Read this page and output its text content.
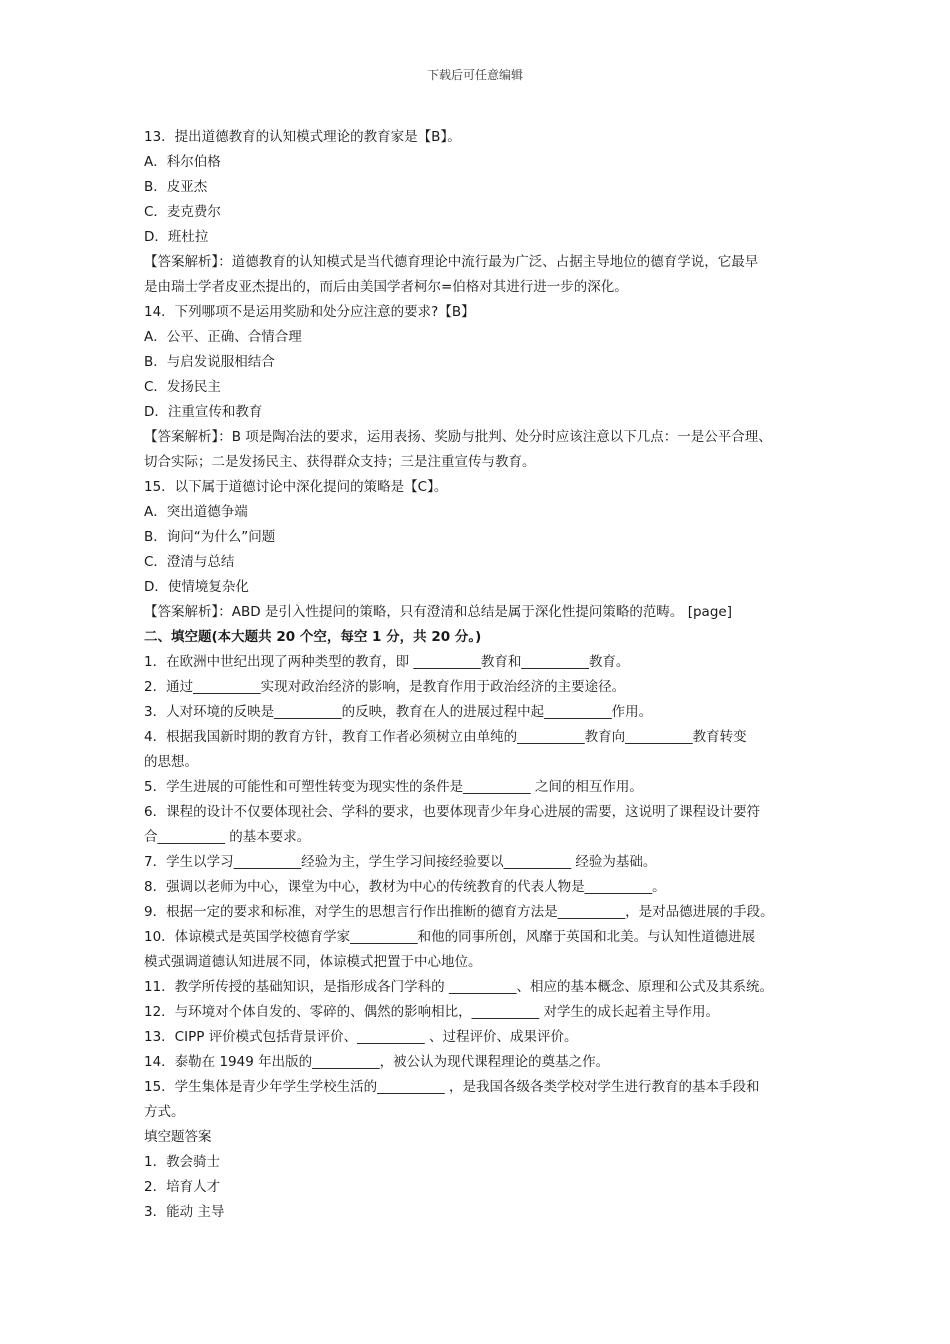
下载后可任意编辑
13．提出道德教育的认知模式理论的教育家是【B】。
A．科尔伯格
B．皮亚杰
C．麦克费尔
D．班杜拉
【答案解析】：道德教育的认知模式是当代德育理论中流行最为广泛、占据主导地位的德育学说，它最早
是由瑞士学者皮亚杰提出的，而后由美国学者柯尔=伯格对其进行进一步的深化。
14．下列哪项不是运用奖励和处分应注意的要求?【B】
A．公平、正确、合情合理
B．与启发说服相结合
C．发扬民主
D．注重宣传和教育
【答案解析】：B 项是陶冶法的要求，运用表扬、奖励与批判、处分时应该注意以下几点：一是公平合理、
切合实际；二是发扬民主、获得群众支持；三是注重宣传与教育。
15．以下属于道德讨论中深化提问的策略是【C】。
A．突出道德争端
B．询问“为什么”问题
C．澄清与总结
D．使情境复杂化
【答案解析】：ABD 是引入性提问的策略，只有澄清和总结是属于深化性提问策略的范畴。 [page]
二、填空题(本大题共 20 个空，每空 1 分，共 20 分。)
1．在欧洲中世纪出现了两种类型的教育，即 __________教育和__________教育。
2．通过__________实现对政治经济的影响，是教育作用于政治经济的主要途径。
3．人对环境的反映是__________的反映，教育在人的进展过程中起__________作用。
4．根据我国新时期的教育方针，教育工作者必须树立由单纯的__________教育向__________教育转变
的思想。
5．学生进展的可能性和可塑性转变为现实性的条件是__________ 之间的相互作用。
6．课程的设计不仅要体现社会、学科的要求，也要体现青少年身心进展的需要，这说明了课程设计要符
合__________ 的基本要求。
7．学生以学习__________经验为主，学生学习间接经验要以__________ 经验为基础。
8．强调以老师为中心，课堂为中心，教材为中心的传统教育的代表人物是__________。
9．根据一定的要求和标准，对学生的思想言行作出推断的德育方法是__________，是对品德进展的手段。
10．体谅模式是英国学校德育学家__________和他的同事所创，风靡于英国和北美。与认知性道德进展
模式强调道德认知进展不同，体谅模式把置于中心地位。
11．教学所传授的基础知识，是指形成各门学科的 __________、相应的基本概念、原理和公式及其系统。
12．与环境对个体自发的、零碎的、偶然的影响相比，__________ 对学生的成长起着主导作用。
13．CIPP 评价模式包括背景评价、__________ 、过程评价、成果评价。
14．泰勒在 1949 年出版的__________，被公认为现代课程理论的奠基之作。
15．学生集体是青少年学生学校生活的__________ ，是我国各级各类学校对学生进行教育的基本手段和
方式。
填空题答案
1．教会骑士
2．培育人才
3．能动 主导
